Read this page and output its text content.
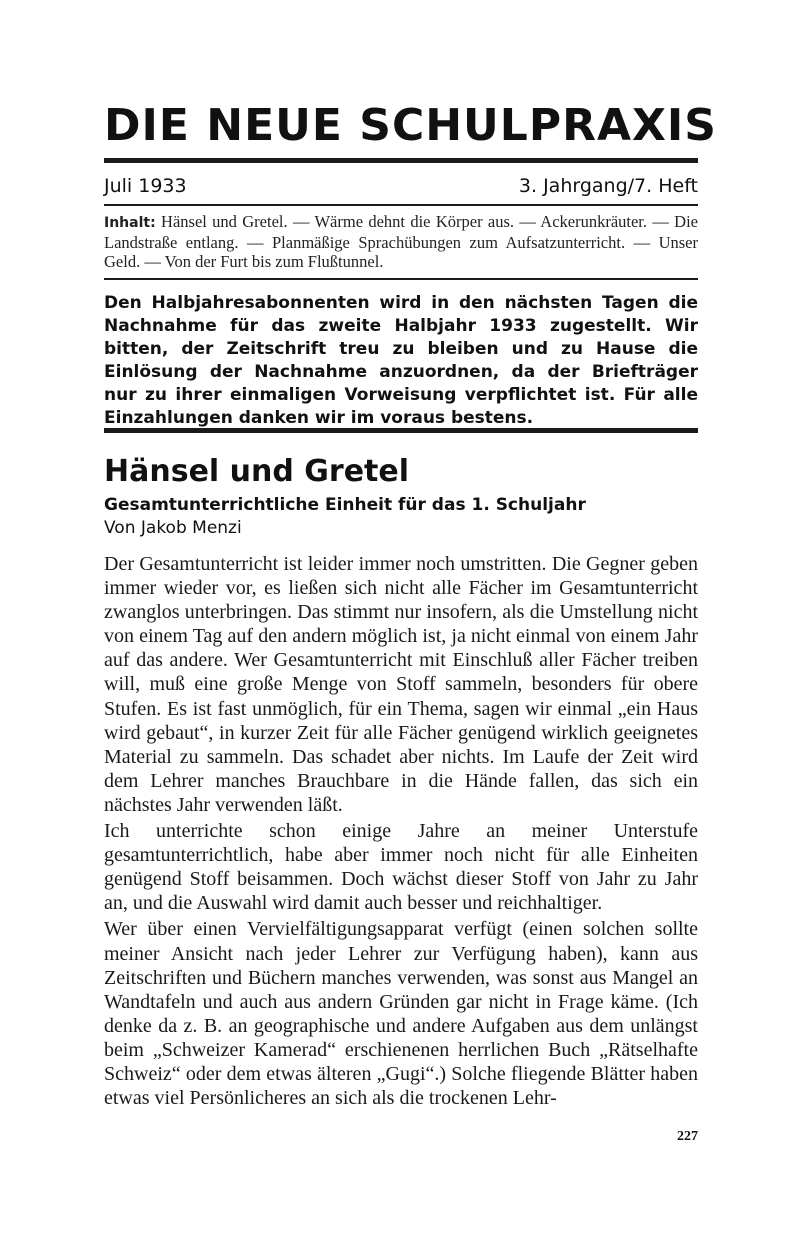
DIE NEUE SCHULPRAXIS
Juli 1933	3. Jahrgang/7. Heft
Inhalt: Hänsel und Gretel. — Wärme dehnt die Körper aus. — Ackerunkräuter. — Die Landstraße entlang. — Planmäßige Sprachübungen zum Aufsatzunterricht. — Unser Geld. — Von der Furt bis zum Flußtunnel.
Den Halbjahresabonnenten wird in den nächsten Tagen die Nachnahme für das zweite Halbjahr 1933 zugestellt. Wir bitten, der Zeitschrift treu zu bleiben und zu Hause die Einlösung der Nachnahme anzuordnen, da der Briefträger nur zu ihrer einmaligen Vorweisung verpflichtet ist. Für alle Einzahlungen danken wir im voraus bestens.
Hänsel und Gretel
Gesamtunterrichtliche Einheit für das 1. Schuljahr
Von Jakob Menzi

Der Gesamtunterricht ist leider immer noch umstritten. Die Gegner geben immer wieder vor, es ließen sich nicht alle Fächer im Gesamtunterricht zwanglos unterbringen. Das stimmt nur insofern, als die Umstellung nicht von einem Tag auf den andern möglich ist, ja nicht einmal von einem Jahr auf das andere. Wer Gesamtunterricht mit Einschluß aller Fächer treiben will, muß eine große Menge von Stoff sammeln, besonders für obere Stufen. Es ist fast unmöglich, für ein Thema, sagen wir einmal „ein Haus wird gebaut“, in kurzer Zeit für alle Fächer genügend wirklich geeignetes Material zu sammeln. Das schadet aber nichts. Im Laufe der Zeit wird dem Lehrer manches Brauchbare in die Hände fallen, das sich ein nächstes Jahr verwenden läßt.

Ich unterrichte schon einige Jahre an meiner Unterstufe gesamtunterrichtlich, habe aber immer noch nicht für alle Einheiten genügend Stoff beisammen. Doch wächst dieser Stoff von Jahr zu Jahr an, und die Auswahl wird damit auch besser und reichhaltiger.

Wer über einen Vervielfältigungsapparat verfügt (einen solchen sollte meiner Ansicht nach jeder Lehrer zur Verfügung haben), kann aus Zeitschriften und Büchern manches verwenden, was sonst aus Mangel an Wandtafeln und auch aus andern Gründen gar nicht in Frage käme. (Ich denke da z. B. an geographische und andere Aufgaben aus dem unlängst beim „Schweizer Kamerad“ erschienenen herrlichen Buch „Rätselhafte Schweiz“ oder dem etwas älteren „Gugi“.) Solche fliegende Blätter haben etwas viel Persönlicheres an sich als die trockenen Lehr-

227
